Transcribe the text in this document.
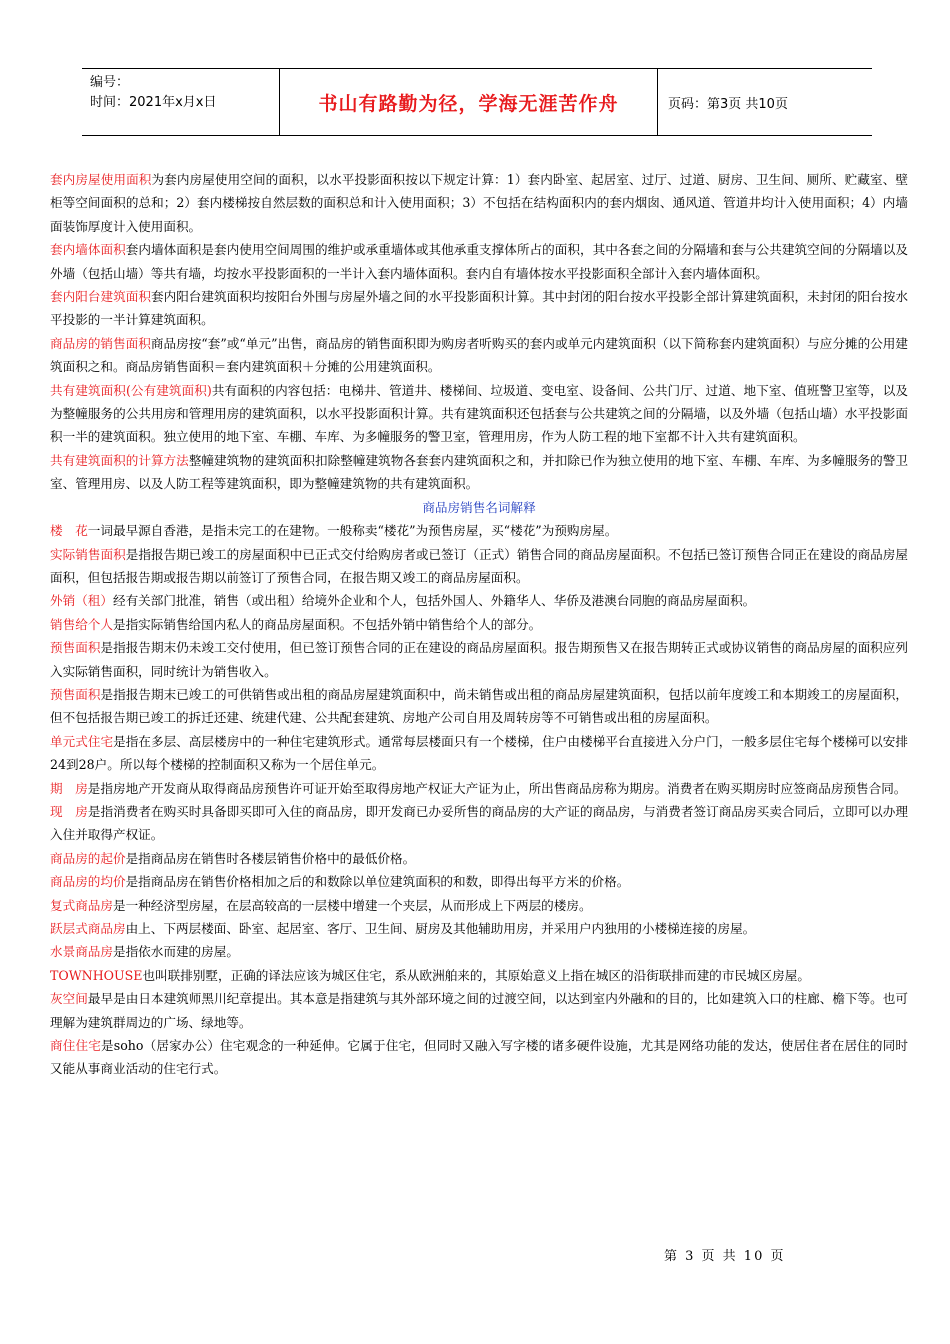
编号：
时间：2021年x月x日	书山有路勤为径，学海无涯苦作舟	页码：第3页 共10页

套内房屋使用面积为套内房屋使用空间的面积，以水平投影面积按以下规定计算：1）套内卧室、起居室、过厅、过道、厨房、卫生间、厕所、贮藏室、壁柜等空间面积的总和；2）套内楼梯按自然层数的面积总和计入使用面积；3）不包括在结构面积内的套内烟囱、通风道、管道井均计入使用面积；4）内墙面装饰厚度计入使用面积。

套内墙体面积套内墙体面积是套内使用空间周围的维护或承重墙体或其他承重支撑体所占的面积，其中各套之间的分隔墙和套与公共建筑空间的分隔墙以及外墙（包括山墙）等共有墙，均按水平投影面积的一半计入套内墙体面积。套内自有墙体按水平投影面积全部计入套内墙体面积。

套内阳台建筑面积套内阳台建筑面积均按阳台外围与房屋外墙之间的水平投影面积计算。其中封闭的阳台按水平投影全部计算建筑面积，未封闭的阳台按水平投影的一半计算建筑面积。

商品房的销售面积商品房按“套”或“单元”出售，商品房的销售面积即为购房者听购买的套内或单元内建筑面积（以下简称套内建筑面积）与应分摊的公用建筑面积之和。商品房销售面积＝套内建筑面积＋分摊的公用建筑面积。

共有建筑面积(公有建筑面积)共有面积的内容包括：电梯井、管道井、楼梯间、垃圾道、变电室、设备间、公共门厅、过道、地下室、值班警卫室等，以及为整幢服务的公共用房和管理用房的建筑面积，以水平投影面积计算。共有建筑面积还包括套与公共建筑之间的分隔墙，以及外墙（包括山墙）水平投影面积一半的建筑面积。独立使用的地下室、车棚、车库、为多幢服务的警卫室，管理用房，作为人防工程的地下室都不计入共有建筑面积。

共有建筑面积的计算方法整幢建筑物的建筑面积扣除整幢建筑物各套套内建筑面积之和，并扣除已作为独立使用的地下室、车棚、车库、为多幢服务的警卫室、管理用房、以及人防工程等建筑面积，即为整幢建筑物的共有建筑面积。

商品房销售名词解释

楼　花一词最早源自香港，是指未完工的在建物。一般称卖“楼花”为预售房屋，买“楼花”为预购房屋。

实际销售面积是指报告期已竣工的房屋面积中已正式交付给购房者或已签订（正式）销售合同的商品房屋面积。不包括已签订预售合同正在建设的商品房屋面积，但包括报告期或报告期以前签订了预售合同，在报告期又竣工的商品房屋面积。

外销（租）经有关部门批准，销售（或出租）给境外企业和个人，包括外国人、外籍华人、华侨及港澳台同胞的商品房屋面积。

销售给个人是指实际销售给国内私人的商品房屋面积。不包括外销中销售给个人的部分。

预售面积是指报告期末仍未竣工交付使用，但已签订预售合同的正在建设的商品房屋面积。报告期预售又在报告期转正式或协议销售的商品房屋的面积应列入实际销售面积，同时统计为销售收入。

预售面积是指报告期末已竣工的可供销售或出租的商品房屋建筑面积中，尚未销售或出租的商品房屋建筑面积，包括以前年度竣工和本期竣工的房屋面积，但不包括报告期已竣工的拆迁还建、统建代建、公共配套建筑、房地产公司自用及周转房等不可销售或出租的房屋面积。

单元式住宅是指在多层、高层楼房中的一种住宅建筑形式。通常每层楼面只有一个楼梯，住户由楼梯平台直接进入分户门，一般多层住宅每个楼梯可以安排24到28户。所以每个楼梯的控制面积又称为一个居住单元。

期　房是指房地产开发商从取得商品房预售许可证开始至取得房地产权证大产证为止，所出售商品房称为期房。消费者在购买期房时应签商品房预售合同。

现　房是指消费者在购买时具备即买即可入住的商品房，即开发商已办妥所售的商品房的大产证的商品房，与消费者签订商品房买卖合同后，立即可以办理入住并取得产权证。

商品房的起价是指商品房在销售时各楼层销售价格中的最低价格。

商品房的均价是指商品房在销售价格相加之后的和数除以单位建筑面积的和数，即得出每平方米的价格。

复式商品房是一种经济型房屋，在层高较高的一层楼中增建一个夹层，从而形成上下两层的楼房。

跃层式商品房由上、下两层楼面、卧室、起居室、客厅、卫生间、厨房及其他辅助用房，并采用户内独用的小楼梯连接的房屋。

水景商品房是指依水而建的房屋。

TOWNHOUSE也叫联排别墅，正确的译法应该为城区住宅，系从欧洲舶来的，其原始意义上指在城区的沿街联排而建的市民城区房屋。

灰空间最早是由日本建筑师黑川纪章提出。其本意是指建筑与其外部环境之间的过渡空间，以达到室内外融和的目的，比如建筑入口的柱廊、檐下等。也可理解为建筑群周边的广场、绿地等。

商住住宅是soho（居家办公）住宅观念的一种延伸。它属于住宅，但同时又融入写字楼的诸多硬件设施，尤其是网络功能的发达，使居住者在居住的同时又能从事商业活动的住宅行式。

第 3 页 共 10 页
